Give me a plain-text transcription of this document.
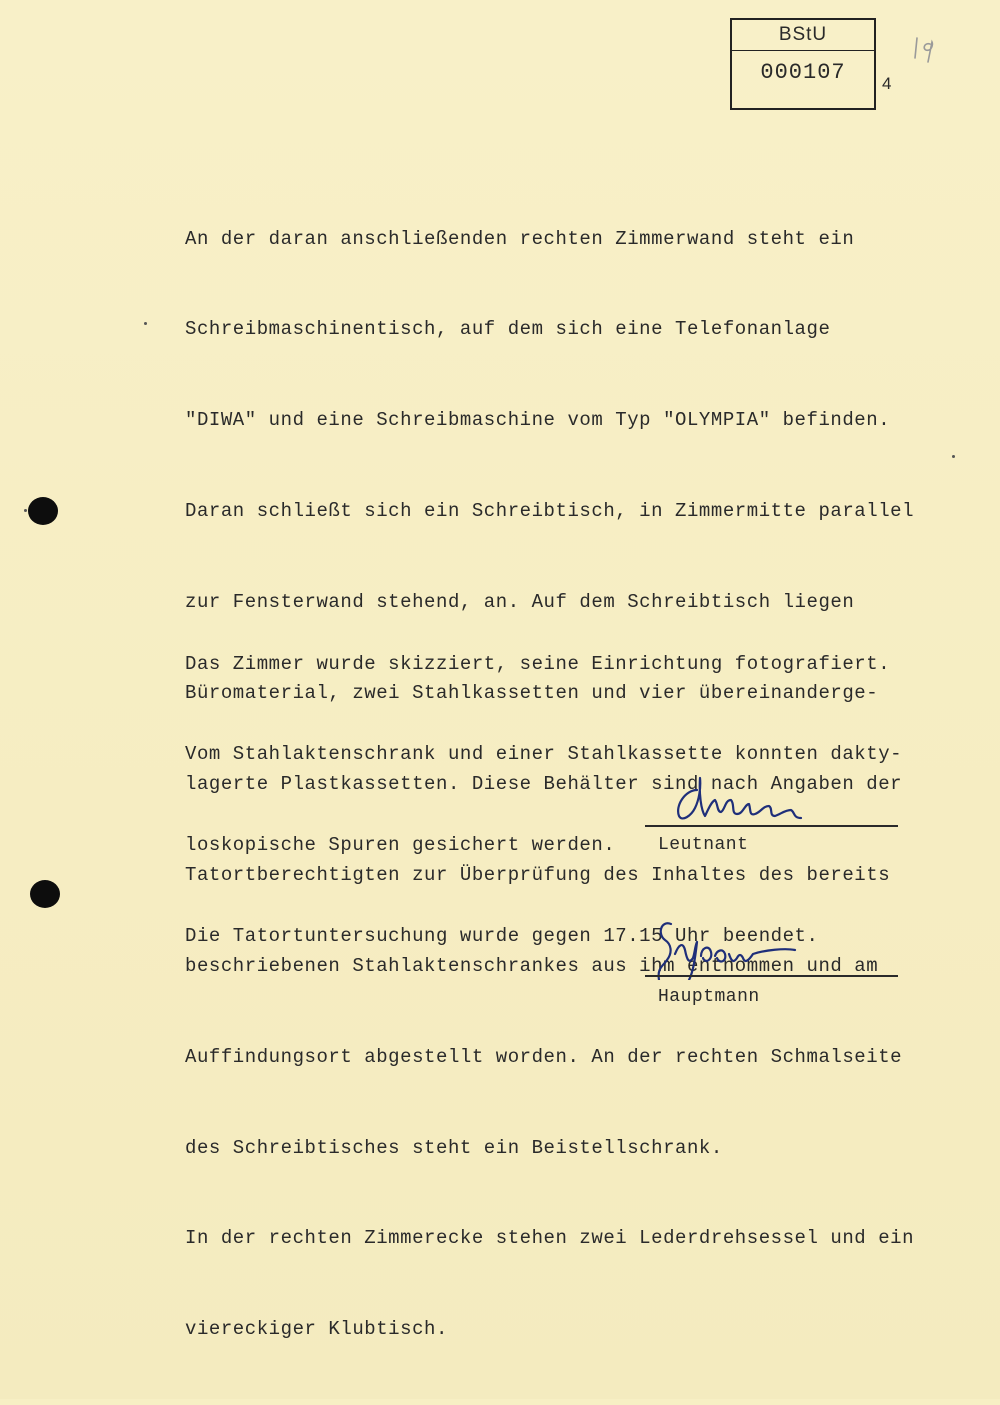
BStU
000107	4

An der daran anschließenden rechten Zimmerwand steht ein

Schreibmaschinentisch, auf dem sich eine Telefonanlage

"DIWA" und eine Schreibmaschine vom Typ "OLYMPIA" befinden.

Daran schließt sich ein Schreibtisch, in Zimmermitte parallel

zur Fensterwand stehend, an. Auf dem Schreibtisch liegen

Büromaterial, zwei Stahlkassetten und vier übereinanderge-

lagerte Plastkassetten. Diese Behälter sind nach Angaben der

Tatortberechtigten zur Überprüfung des Inhaltes des bereits

beschriebenen Stahlaktenschrankes aus ihm entnommen und am

Auffindungsort abgestellt worden. An der rechten Schmalseite

des Schreibtisches steht ein Beistellschrank.

In der rechten Zimmerecke stehen zwei Lederdrehsessel und ein

viereckiger Klubtisch.

Das Zimmer wurde skizziert, seine Einrichtung fotografiert.

Vom Stahlaktenschrank und einer Stahlkassette konnten dakty-

loskopische Spuren gesichert werden.

Die Tatortuntersuchung wurde gegen 17.15 Uhr beendet.

Leutnant
Hauptmann
